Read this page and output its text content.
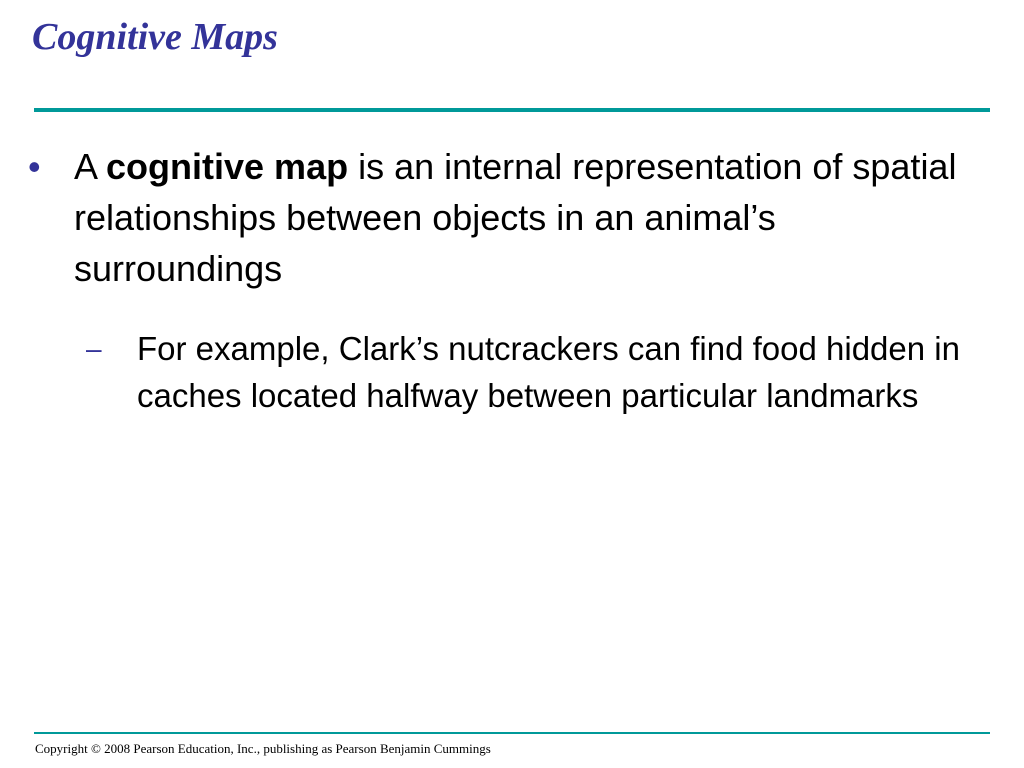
Cognitive Maps
• A cognitive map is an internal representation of spatial relationships between objects in an animal’s surroundings
– For example, Clark’s nutcrackers can find food hidden in caches located halfway between particular landmarks
Copyright © 2008 Pearson Education, Inc., publishing as Pearson Benjamin Cummings
